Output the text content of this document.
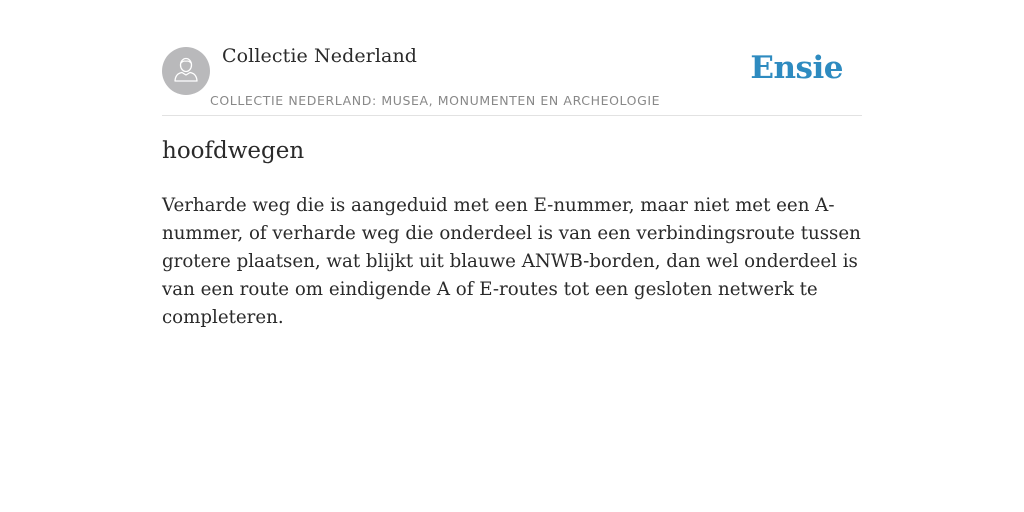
Collectie Nederland
COLLECTIE NEDERLAND: MUSEA, MONUMENTEN EN ARCHEOLOGIE
Ensie
hoofdwegen

Verharde weg die is aangeduid met een E-nummer, maar niet met een A-nummer, of verharde weg die onderdeel is van een verbindingsroute tussen grotere plaatsen, wat blijkt uit blauwe ANWB-borden, dan wel onderdeel is van een route om eindigende A of E-routes tot een gesloten netwerk te completeren.
